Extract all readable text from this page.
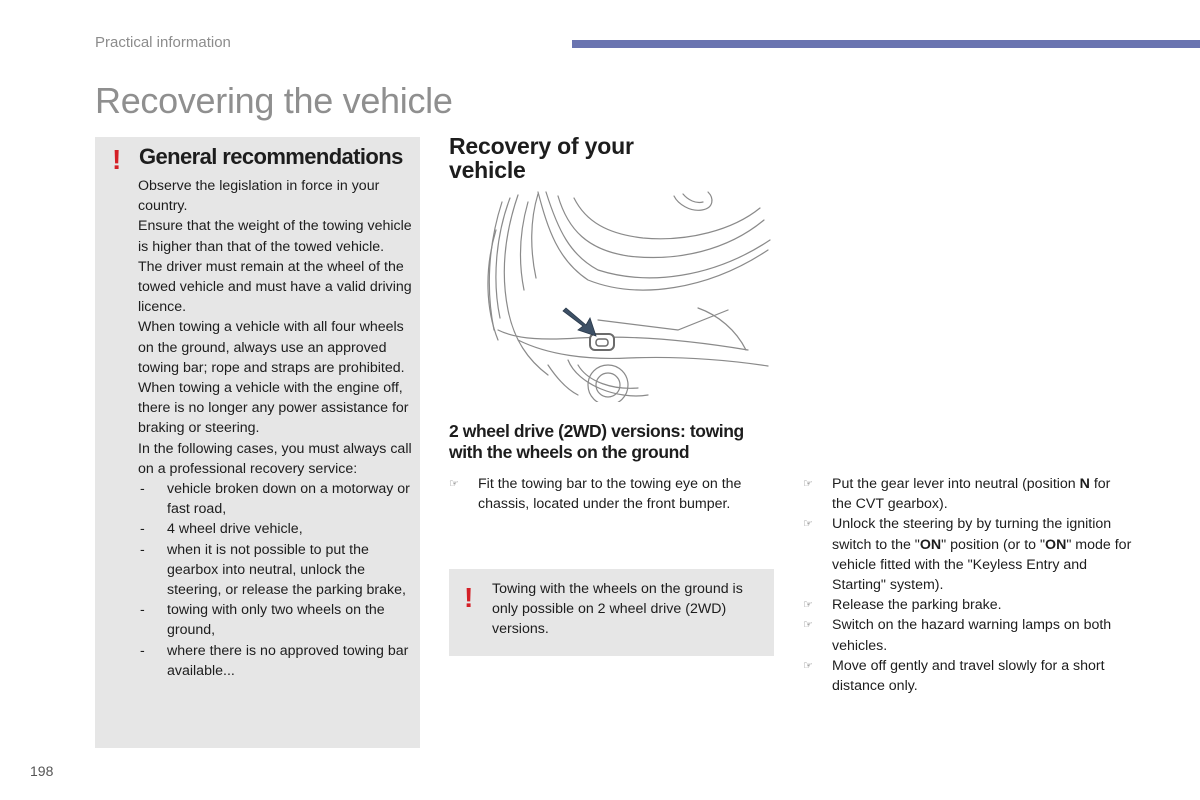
Practical information
Recovering the vehicle
! General recommendations

Observe the legislation in force in your country.

Ensure that the weight of the towing vehicle is higher than that of the towed vehicle.

The driver must remain at the wheel of the towed vehicle and must have a valid driving licence.

When towing a vehicle with all four wheels on the ground, always use an approved towing bar; rope and straps are prohibited.

When towing a vehicle with the engine off, there is no longer any power assistance for braking or steering.

In the following cases, you must always call on a professional recovery service:

- vehicle broken down on a motorway or fast road,
- 4 wheel drive vehicle,
- when it is not possible to put the gearbox into neutral, unlock the steering, or release the parking brake,
- towing with only two wheels on the ground,
- where there is no approved towing bar available...
Recovery of your vehicle
2 wheel drive (2WD) versions: towing with the wheels on the ground
☞ Fit the towing bar to the towing eye on the chassis, located under the front bumper.
! Towing with the wheels on the ground is only possible on 2 wheel drive (2WD) versions.
☞ Put the gear lever into neutral (position N for the CVT gearbox).
☞ Unlock the steering by by turning the ignition switch to the "ON" position (or to "ON" mode for vehicle fitted with the "Keyless Entry and Starting" system).
☞ Release the parking brake.
☞ Switch on the hazard warning lamps on both vehicles.
☞ Move off gently and travel slowly for a short distance only.
198
